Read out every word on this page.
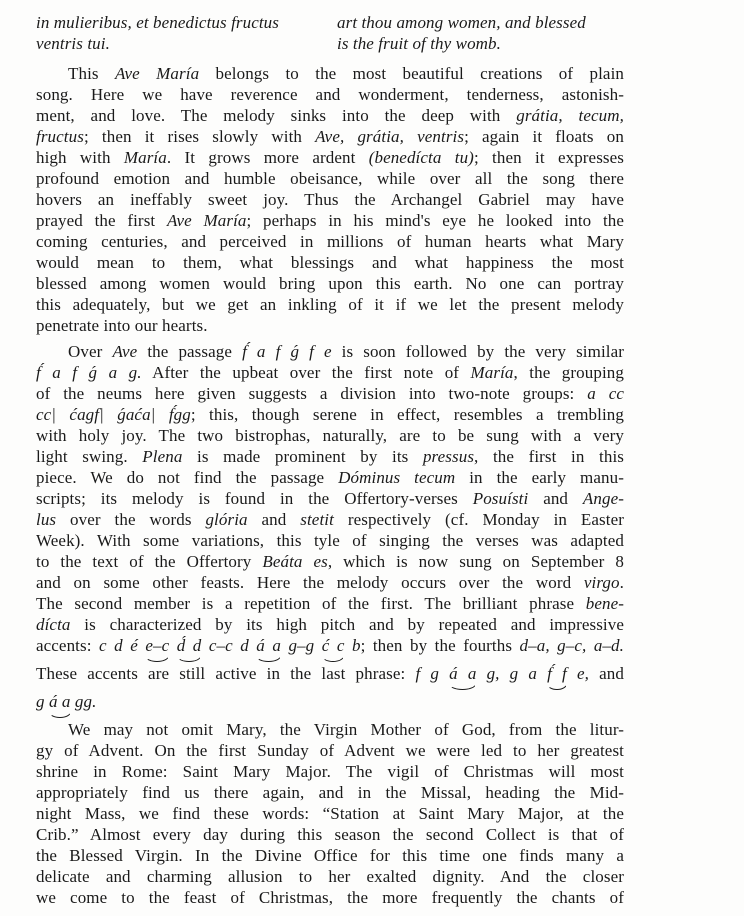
in mulieribus, et benedictus fructus
ventris tui.
art thou among women, and blessed
is the fruit of thy womb.
This Ave María belongs to the most beautiful creations of plain
song. Here we have reverence and wonderment, tenderness, astonish-
ment, and love. The melody sinks into the deep with grátia, tecum,
fructus; then it rises slowly with Ave, grátia, ventris; again it floats on
high with María. It grows more ardent (benedícta tu); then it expresses
profound emotion and humble obeisance, while over all the song there
hovers an ineffably sweet joy. Thus the Archangel Gabriel may have
prayed the first Ave María; perhaps in his mind's eye he looked into the
coming centuries, and perceived in millions of human hearts what Mary
would mean to them, what blessings and what happiness the most
blessed among women would bring upon this earth. No one can portray
this adequately, but we get an inkling of it if we let the present melody
penetrate into our hearts.
Over Ave the passage f́ a f ǵ f e is soon followed by the very similar
f́ a f ǵ a g. After the upbeat over the first note of María, the grouping
of the neums here given suggests a division into two-note groups: a cc
cc| ćagf| ǵaća| f́gg; this, though serene in effect, resembles a trembling
with holy joy. The two bistrophas, naturally, are to be sung with a very
light swing. Plena is made prominent by its pressus, the first in this
piece. We do not find the passage Dóminus tecum in the early manu-
scripts; its melody is found in the Offertory-verses Posuísti and Ange-
lus over the words glória and stetit respectively (cf. Monday in Easter
Week). With some variations, this tyle of singing the verses was adapted
to the text of the Offertory Beáta es, which is now sung on September 8
and on some other feasts. Here the melody occurs over the word virgo.
The second member is a repetition of the first. The brilliant phrase bene-
dícta is characterized by its high pitch and by repeated and impressive
accents: c d é e–c d́ d c–c d á a g–g ć c b; then by the fourths d–a, g–c, a–d.
These accents are still active in the last phrase: f g á a g, g a f́ f e, and
g á a gg.
We may not omit Mary, the Virgin Mother of God, from the litur-
gy of Advent. On the first Sunday of Advent we were led to her greatest
shrine in Rome: Saint Mary Major. The vigil of Christmas will most
appropriately find us there again, and in the Missal, heading the Mid-
night Mass, we find these words: “Station at Saint Mary Major, at the
Crib.” Almost every day during this season the second Collect is that of
the Blessed Virgin. In the Divine Office for this time one finds many a
delicate and charming allusion to her exalted dignity. And the closer
we come to the feast of Christmas, the more frequently the chants of
